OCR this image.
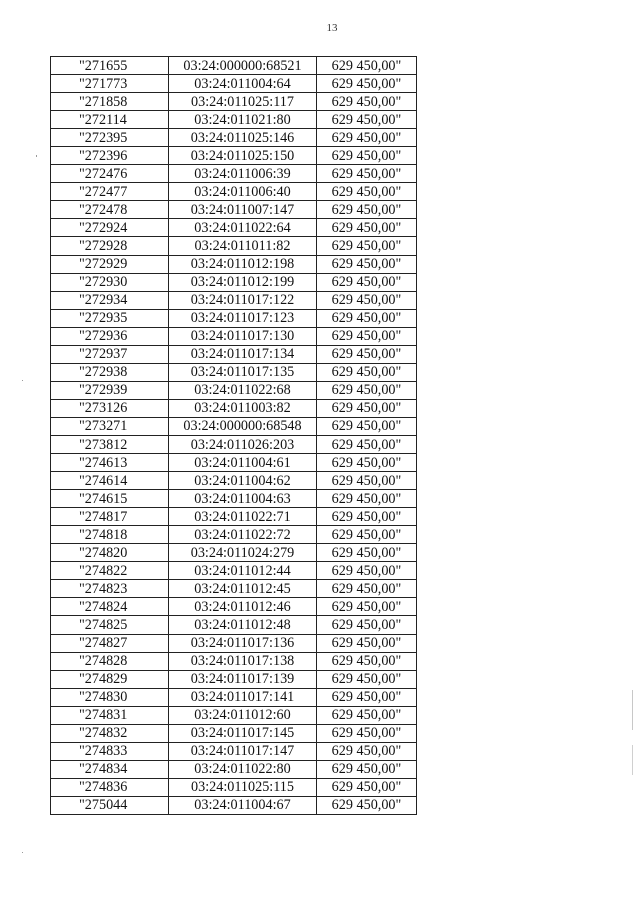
13
"271655	03:24:000000:68521	629 450,00"
"271773	03:24:011004:64	629 450,00"
"271858	03:24:011025:117	629 450,00"
"272114	03:24:011021:80	629 450,00"
"272395	03:24:011025:146	629 450,00"
"272396	03:24:011025:150	629 450,00"
"272476	03:24:011006:39	629 450,00"
"272477	03:24:011006:40	629 450,00"
"272478	03:24:011007:147	629 450,00"
"272924	03:24:011022:64	629 450,00"
"272928	03:24:011011:82	629 450,00"
"272929	03:24:011012:198	629 450,00"
"272930	03:24:011012:199	629 450,00"
"272934	03:24:011017:122	629 450,00"
"272935	03:24:011017:123	629 450,00"
"272936	03:24:011017:130	629 450,00"
"272937	03:24:011017:134	629 450,00"
"272938	03:24:011017:135	629 450,00"
"272939	03:24:011022:68	629 450,00"
"273126	03:24:011003:82	629 450,00"
"273271	03:24:000000:68548	629 450,00"
"273812	03:24:011026:203	629 450,00"
"274613	03:24:011004:61	629 450,00"
"274614	03:24:011004:62	629 450,00"
"274615	03:24:011004:63	629 450,00"
"274817	03:24:011022:71	629 450,00"
"274818	03:24:011022:72	629 450,00"
"274820	03:24:011024:279	629 450,00"
"274822	03:24:011012:44	629 450,00"
"274823	03:24:011012:45	629 450,00"
"274824	03:24:011012:46	629 450,00"
"274825	03:24:011012:48	629 450,00"
"274827	03:24:011017:136	629 450,00"
"274828	03:24:011017:138	629 450,00"
"274829	03:24:011017:139	629 450,00"
"274830	03:24:011017:141	629 450,00"
"274831	03:24:011012:60	629 450,00"
"274832	03:24:011017:145	629 450,00"
"274833	03:24:011017:147	629 450,00"
"274834	03:24:011022:80	629 450,00"
"274836	03:24:011025:115	629 450,00"
"275044	03:24:011004:67	629 450,00"
